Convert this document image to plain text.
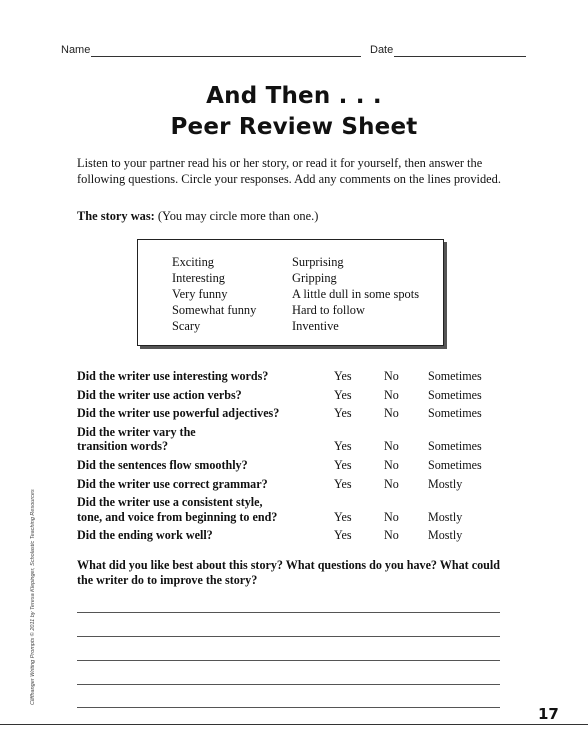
Name	Date
And Then . . .
Peer Review Sheet
Listen to your partner read his or her story, or read it for yourself, then answer the following questions. Circle your responses. Add any comments on the lines provided.
The story was: (You may circle more than one.)
Exciting
Interesting
Very funny
Somewhat funny
Scary
Surprising
Gripping
A little dull in some spots
Hard to follow
Inventive
Did the writer use interesting words?	Yes	No Sometimes
Did the writer use action verbs?	Yes	No Sometimes
Did the writer use powerful adjectives?	Yes	No Sometimes
Did the writer vary the
transition words?	Yes	No Sometimes
Did the sentences flow smoothly?	Yes	No Sometimes
Did the writer use correct grammar?	Yes	No Mostly
Did the writer use a consistent style,
tone, and voice from beginning to end?	Yes	No Mostly
Did the ending work well?	Yes	No Mostly
What did you like best about this story? What questions do you have? What could the writer do to improve the story?
Cliffhanger Writing Prompts © 2011 by Teresa Klepinger, Scholastic Teaching Resources
17
